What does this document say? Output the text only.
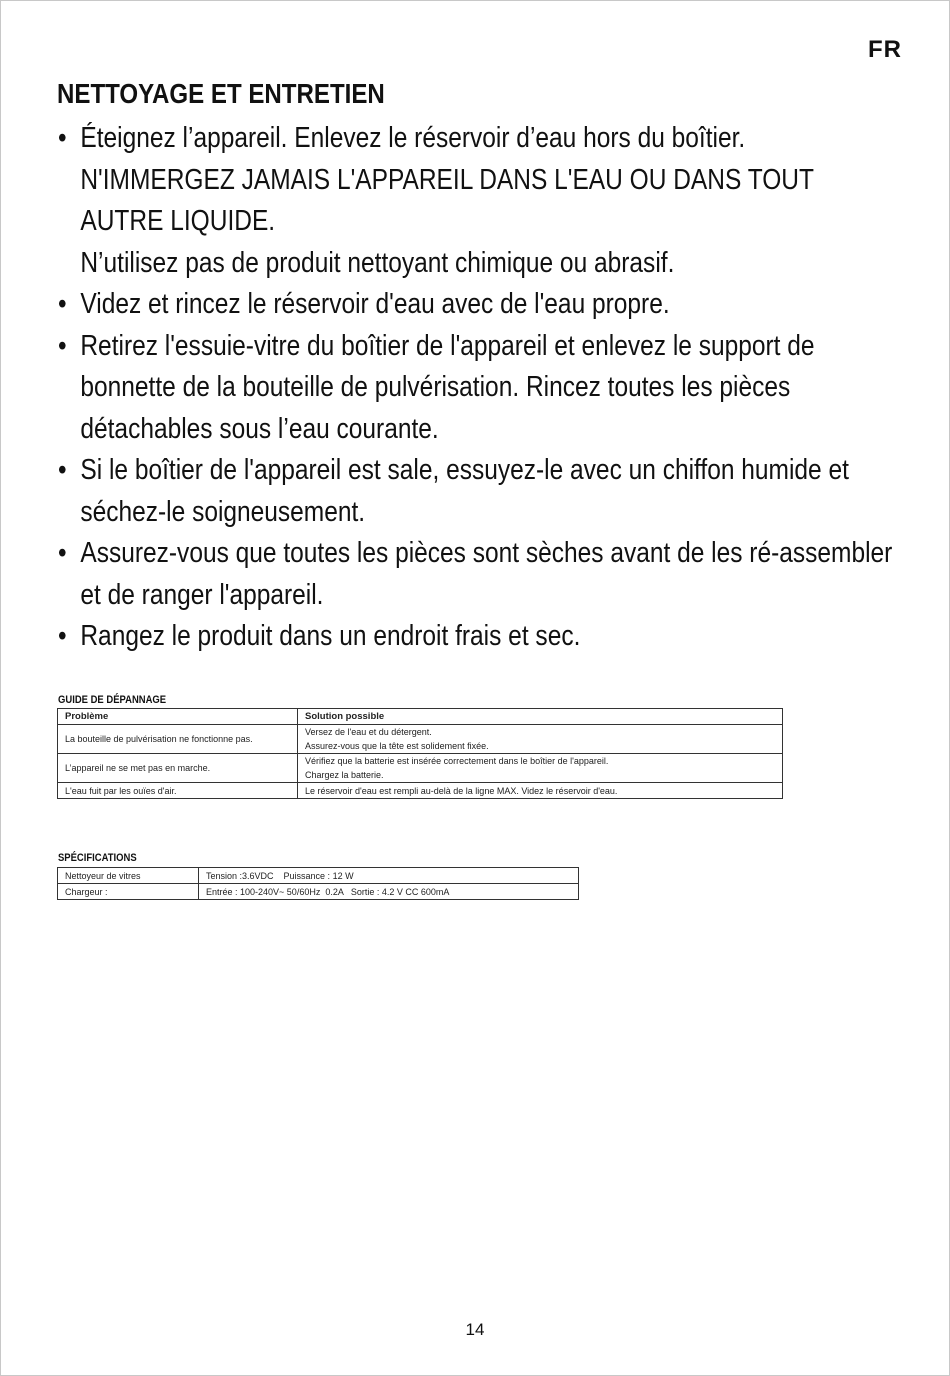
FR
NETTOYAGE ET ENTRETIEN
• Éteignez l’appareil. Enlevez le réservoir d’eau hors du boîtier.
N'IMMERGEZ JAMAIS L'APPAREIL DANS L'EAU OU DANS TOUT AUTRE LIQUIDE.
N’utilisez pas de produit nettoyant chimique ou abrasif.
• Videz et rincez le réservoir d'eau avec de l'eau propre.
• Retirez l'essuie-vitre du boîtier de l'appareil et enlevez le support de bonnette de la bouteille de pulvérisation. Rincez toutes les pièces détachables sous l’eau courante.
• Si le boîtier de l'appareil est sale, essuyez-le avec un chiffon humide et séchez-le soigneusement.
• Assurez-vous que toutes les pièces sont sèches avant de les ré-assembler et de ranger l'appareil.
• Rangez le produit dans un endroit frais et sec.
GUIDE DE DÉPANNAGE
Problème	Solution possible
La bouteille de pulvérisation ne fonctionne pas.	Versez de l'eau et du détergent.
Assurez-vous que la tête est solidement fixée.

L’appareil ne se met pas en marche.	Vérifiez que la batterie est insérée correctement dans le boîtier de l'appareil.
Chargez la batterie.

L'eau fuit par les ouïes d'air.	Le réservoir d'eau est rempli au-delà de la ligne MAX. Videz le réservoir d'eau.
SPÉCIFICATIONS
Nettoyeur de vitres	Tension :3.6VDC    Puissance : 12 W
Chargeur :	Entrée : 100-240V~ 50/60Hz  0.2A   Sortie : 4.2 V CC 600mA
14
